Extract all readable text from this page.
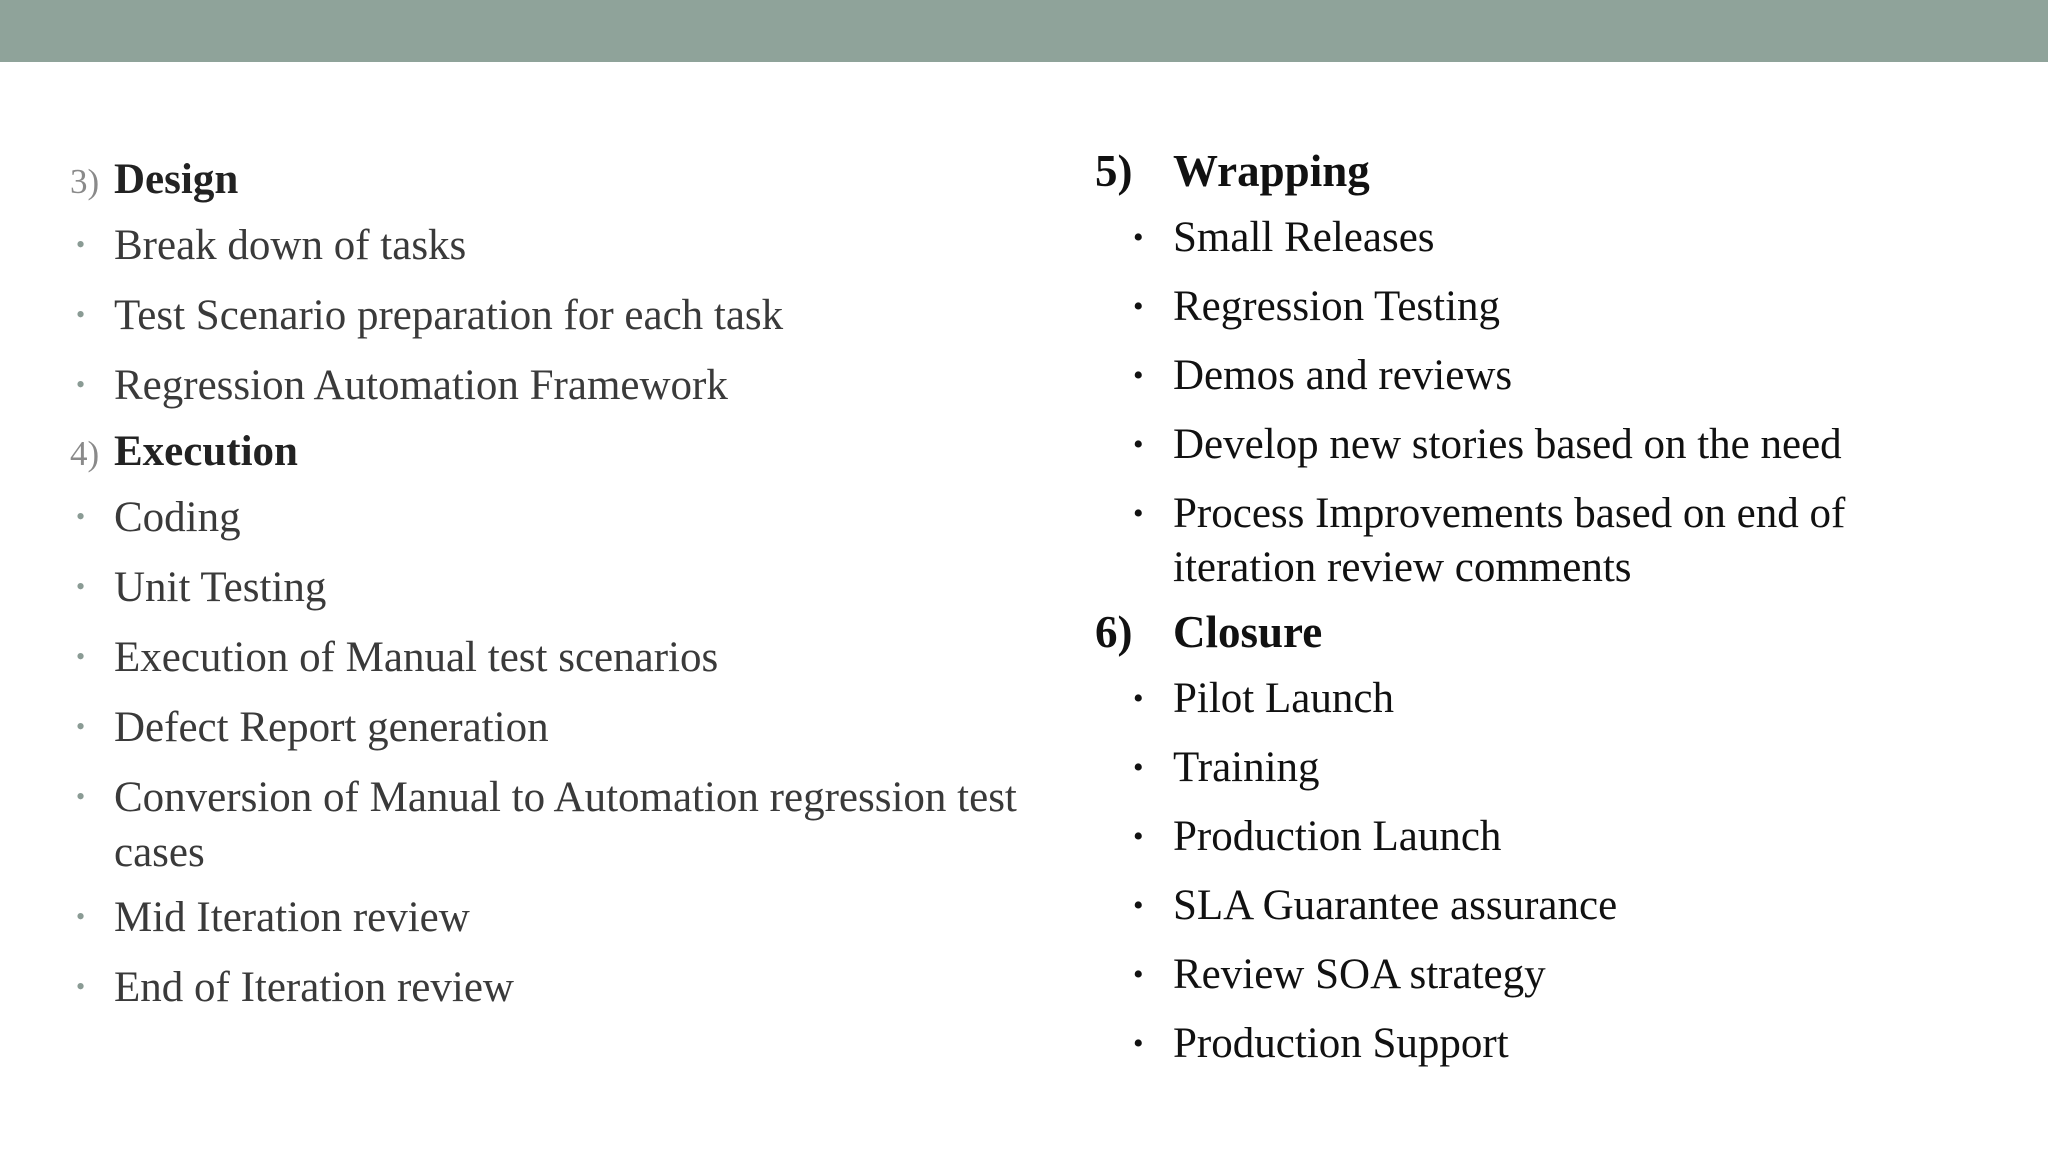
3) Design
• Break down of tasks
• Test Scenario preparation for each task
• Regression Automation Framework
4) Execution
• Coding
• Unit Testing
• Execution of Manual test scenarios
• Defect Report generation
• Conversion of Manual to Automation regression test cases
• Mid Iteration review
• End of Iteration review
5) Wrapping
• Small Releases
• Regression Testing
• Demos and reviews
• Develop new stories based on the need
• Process Improvements based on end of iteration review comments
6) Closure
• Pilot Launch
• Training
• Production Launch
• SLA Guarantee assurance
• Review SOA strategy
• Production Support
